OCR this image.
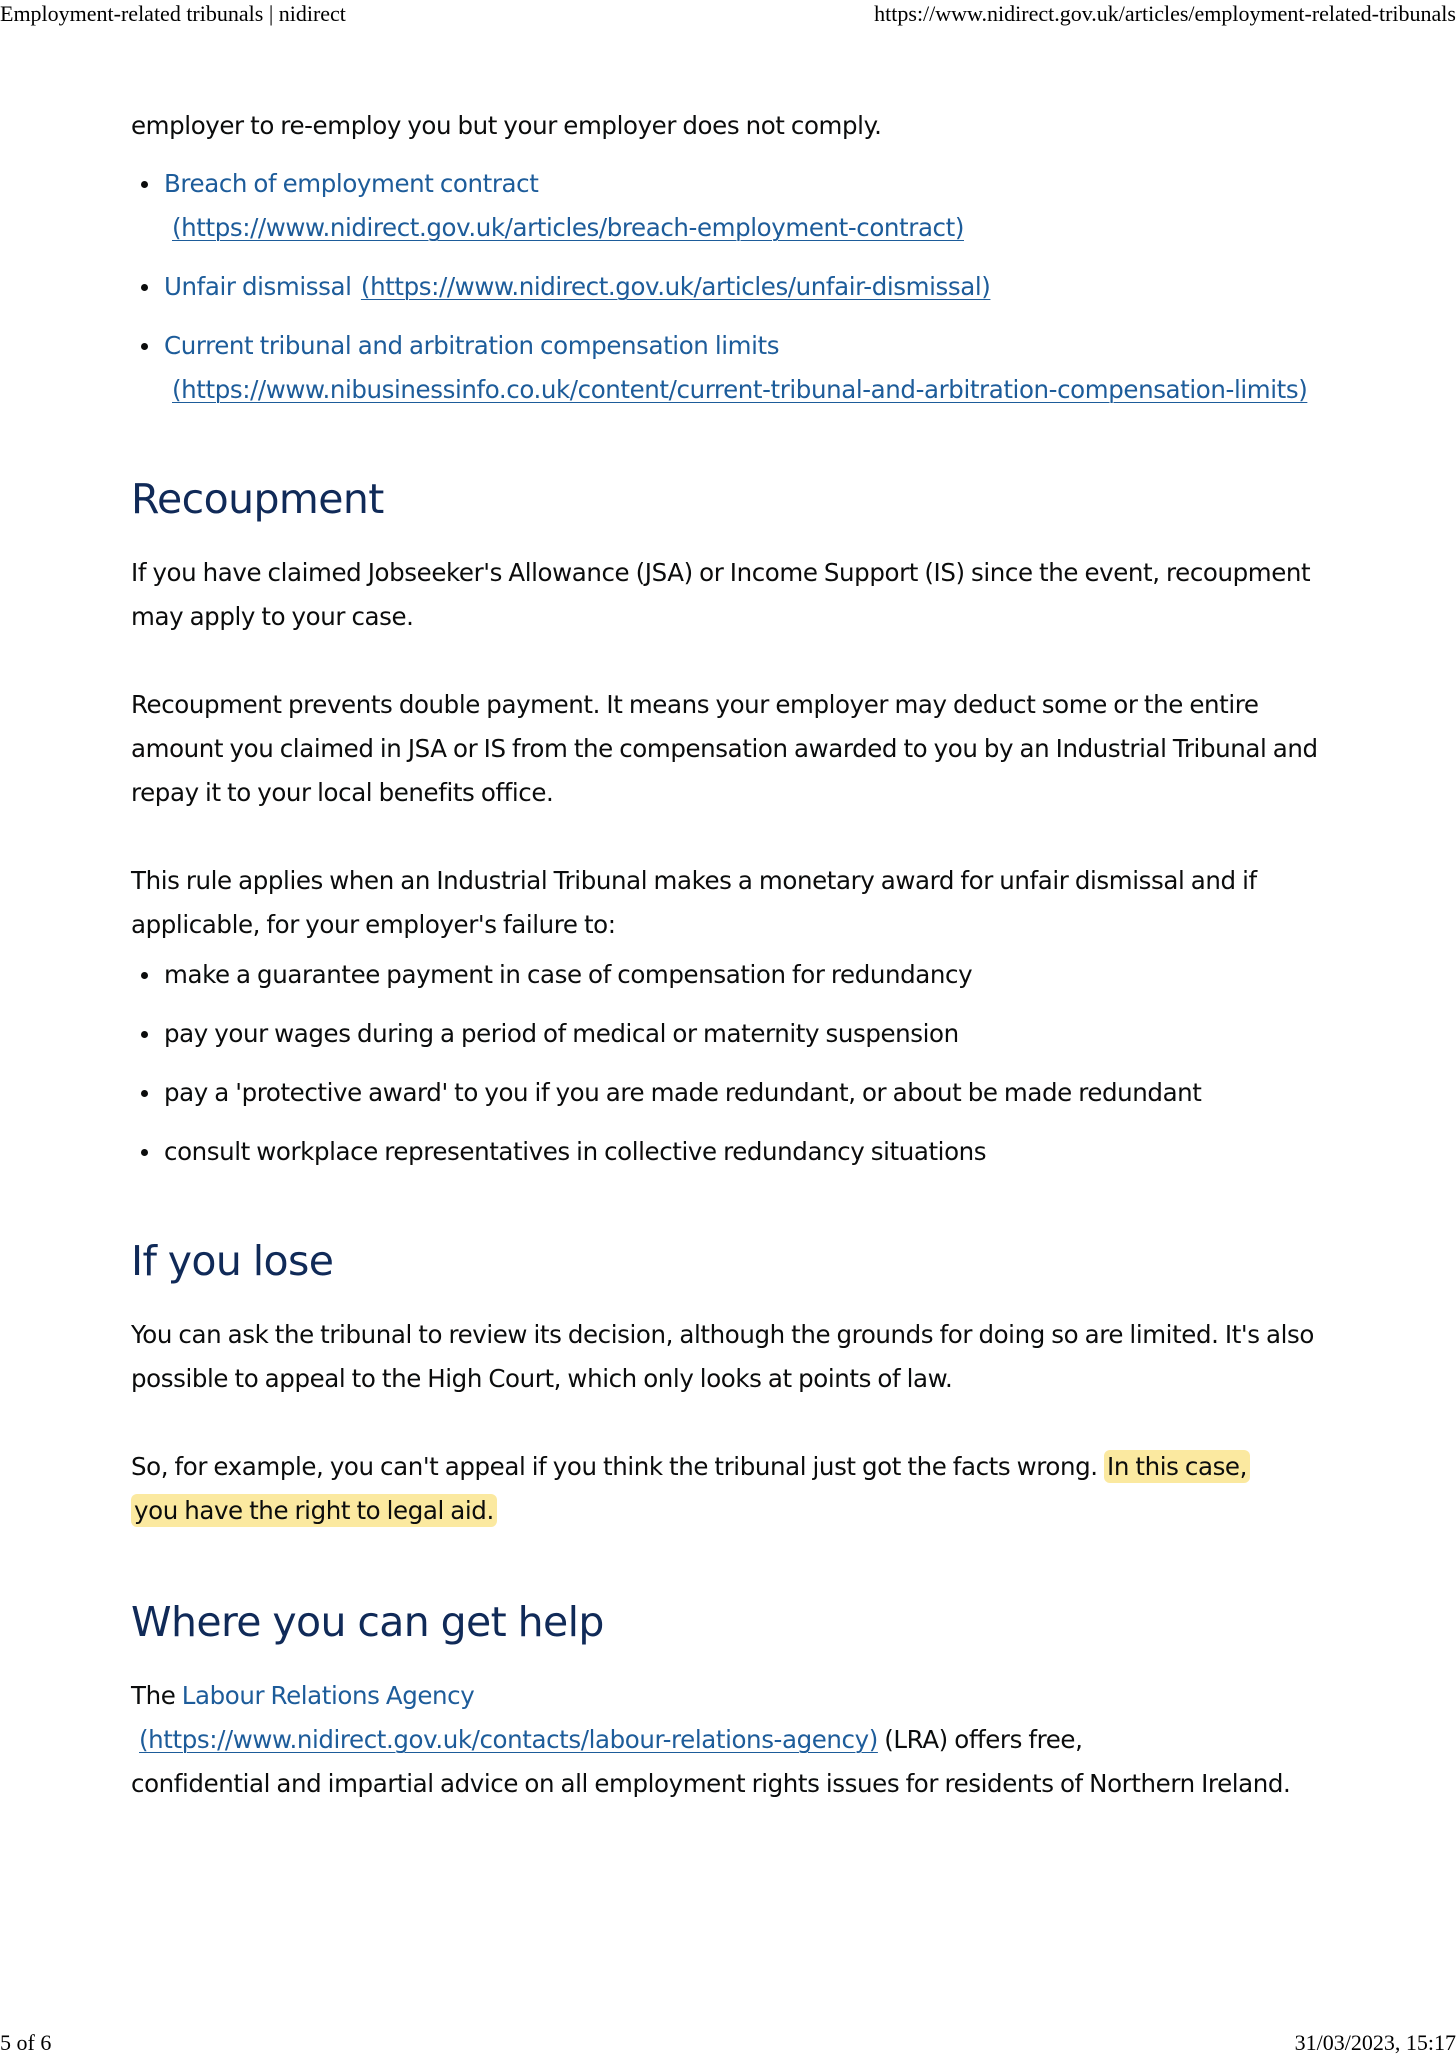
Employment-related tribunals | nidirect	https://www.nidirect.gov.uk/articles/employment-related-tribunals

employer to re-employ you but your employer does not comply.

Breach of employment contract
(https://www.nidirect.gov.uk/articles/breach-employment-contract)
Unfair dismissal (https://www.nidirect.gov.uk/articles/unfair-dismissal)
Current tribunal and arbitration compensation limits
(https://www.nibusinessinfo.co.uk/content/current-tribunal-and-arbitration-compensation-limits)
Recoupment

If you have claimed Jobseeker's Allowance (JSA) or Income Support (IS) since the event, recoupment may apply to your case.

Recoupment prevents double payment. It means your employer may deduct some or the entire amount you claimed in JSA or IS from the compensation awarded to you by an Industrial Tribunal and repay it to your local benefits office.

This rule applies when an Industrial Tribunal makes a monetary award for unfair dismissal and if applicable, for your employer's failure to:

make a guarantee payment in case of compensation for redundancy
pay your wages during a period of medical or maternity suspension
pay a 'protective award' to you if you are made redundant, or about be made redundant
consult workplace representatives in collective redundancy situations
If you lose

You can ask the tribunal to review its decision, although the grounds for doing so are limited. It's also possible to appeal to the High Court, which only looks at points of law.

So, for example, you can't appeal if you think the tribunal just got the facts wrong. In this case,
you have the right to legal aid.

Where you can get help

The Labour Relations Agency
(https://www.nidirect.gov.uk/contacts/labour-relations-agency) (LRA) offers free,
confidential and impartial advice on all employment rights issues for residents of Northern Ireland.

5 of 6	31/03/2023, 15:17
